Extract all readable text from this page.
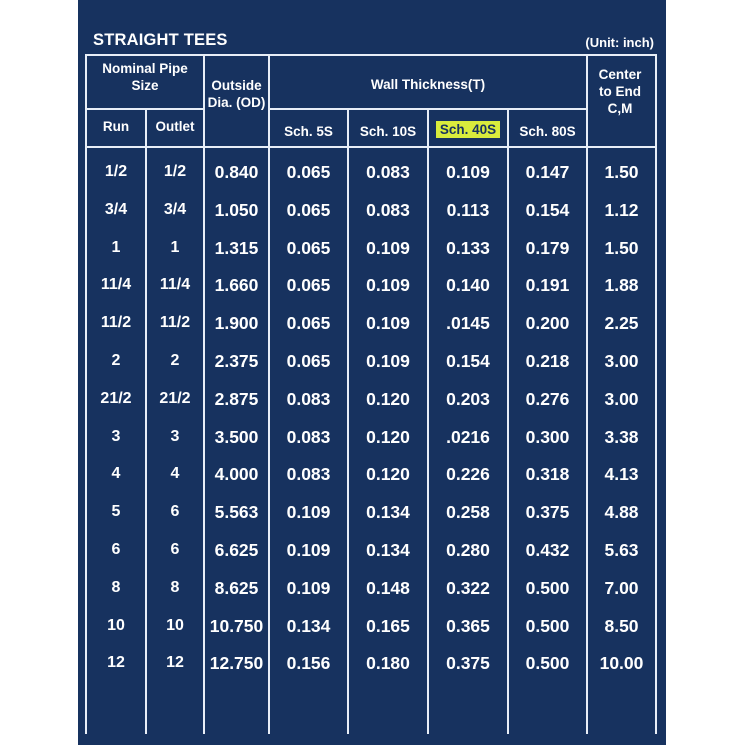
STRAIGHT TEES	(Unit: inch)
Nominal Pipe Size
Run	Outlet
Outside Dia. (OD)
Wall Thickness(T)
Sch. 5S	Sch. 10S	Sch. 40S	Sch. 80S
Center to End C,M
1/2	1/2	0.840	0.065	0.083	0.109	0.147	1.50
3/4	3/4	1.050	0.065	0.083	0.113	0.154	1.12
1	1	1.315	0.065	0.109	0.133	0.179	1.50
11/4	11/4	1.660	0.065	0.109	0.140	0.191	1.88
11/2	11/2	1.900	0.065	0.109	.0145	0.200	2.25
2	2	2.375	0.065	0.109	0.154	0.218	3.00
21/2	21/2	2.875	0.083	0.120	0.203	0.276	3.00
3	3	3.500	0.083	0.120	.0216	0.300	3.38
4	4	4.000	0.083	0.120	0.226	0.318	4.13
5	6	5.563	0.109	0.134	0.258	0.375	4.88
6	6	6.625	0.109	0.134	0.280	0.432	5.63
8	8	8.625	0.109	0.148	0.322	0.500	7.00
10	10	10.750	0.134	0.165	0.365	0.500	8.50
12	12	12.750	0.156	0.180	0.375	0.500	10.00
